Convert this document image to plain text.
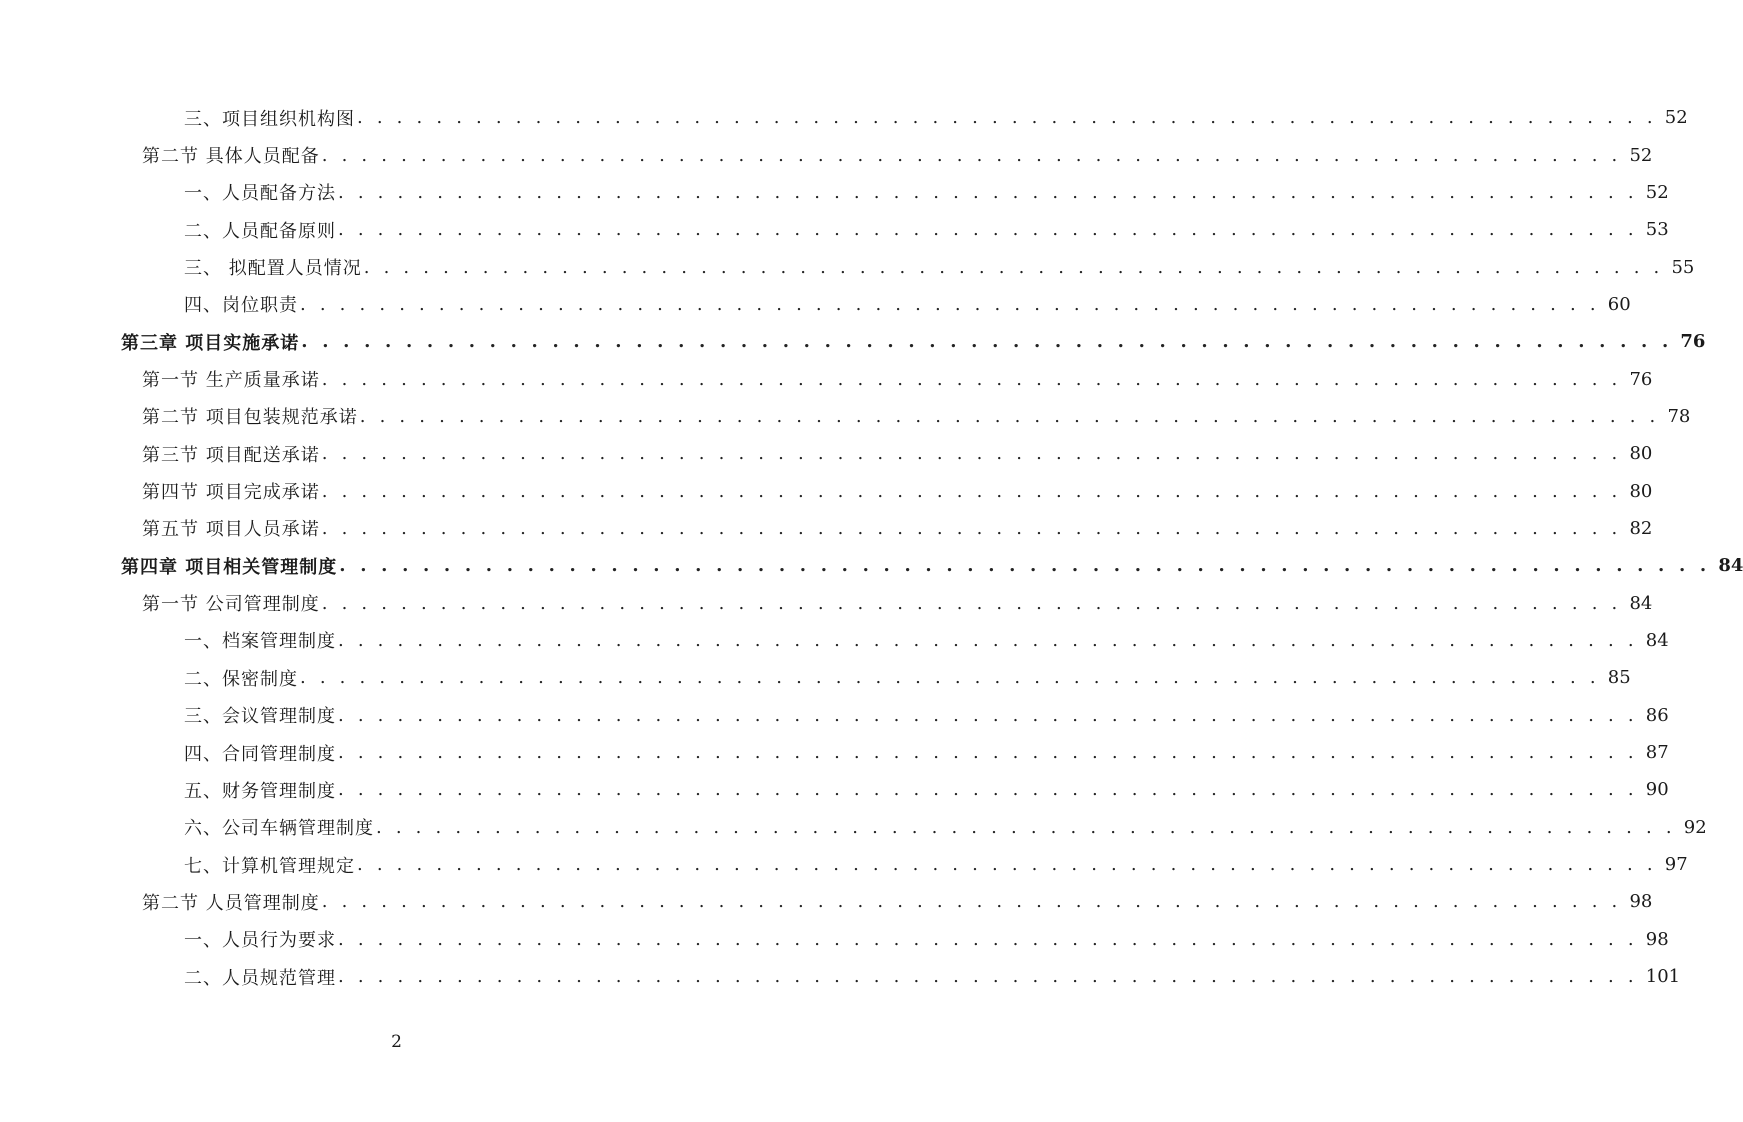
三、项目组织机构图 . . . . . . . . . . . . . . . . . . . . . . . . . . . . . . . . . . . . . . . . . . . . . . . . . . . . . . . . . . . . . . . . . . 52
第二节 具体人员配备 . . . . . . . . . . . . . . . . . . . . . . . . . . . . . . . . . . . . . . . . . . . . . . . . . . . . . . . . . . . . . . . . . . 52
一、人员配备方法 . . . . . . . . . . . . . . . . . . . . . . . . . . . . . . . . . . . . . . . . . . . . . . . . . . . . . . . . . . . . . . . . . . 52
二、人员配备原则 . . . . . . . . . . . . . . . . . . . . . . . . . . . . . . . . . . . . . . . . . . . . . . . . . . . . . . . . . . . . . . . . . . 53
三、 拟配置人员情况 . . . . . . . . . . . . . . . . . . . . . . . . . . . . . . . . . . . . . . . . . . . . . . . . . . . . . . . . . . . . . . . . . . 55
四、岗位职责 . . . . . . . . . . . . . . . . . . . . . . . . . . . . . . . . . . . . . . . . . . . . . . . . . . . . . . . . . . . . . . . . . . 60
第三章 项目实施承诺 . . . . . . . . . . . . . . . . . . . . . . . . . . . . . . . . . . . . . . . . . . . . . . . . . . . . . . . . . . . . . . . . . . 76
第一节 生产质量承诺 . . . . . . . . . . . . . . . . . . . . . . . . . . . . . . . . . . . . . . . . . . . . . . . . . . . . . . . . . . . . . . . . . . 76
第二节 项目包装规范承诺 . . . . . . . . . . . . . . . . . . . . . . . . . . . . . . . . . . . . . . . . . . . . . . . . . . . . . . . . . . . . . . . . . . 78
第三节 项目配送承诺 . . . . . . . . . . . . . . . . . . . . . . . . . . . . . . . . . . . . . . . . . . . . . . . . . . . . . . . . . . . . . . . . . . 80
第四节 项目完成承诺 . . . . . . . . . . . . . . . . . . . . . . . . . . . . . . . . . . . . . . . . . . . . . . . . . . . . . . . . . . . . . . . . . . 80
第五节 项目人员承诺 . . . . . . . . . . . . . . . . . . . . . . . . . . . . . . . . . . . . . . . . . . . . . . . . . . . . . . . . . . . . . . . . . . 82
第四章 项目相关管理制度 . . . . . . . . . . . . . . . . . . . . . . . . . . . . . . . . . . . . . . . . . . . . . . . . . . . . . . . . . . . . . . . . . . 84
第一节 公司管理制度 . . . . . . . . . . . . . . . . . . . . . . . . . . . . . . . . . . . . . . . . . . . . . . . . . . . . . . . . . . . . . . . . . . 84
一、档案管理制度 . . . . . . . . . . . . . . . . . . . . . . . . . . . . . . . . . . . . . . . . . . . . . . . . . . . . . . . . . . . . . . . . . . 84
二、保密制度 . . . . . . . . . . . . . . . . . . . . . . . . . . . . . . . . . . . . . . . . . . . . . . . . . . . . . . . . . . . . . . . . . . 85
三、会议管理制度 . . . . . . . . . . . . . . . . . . . . . . . . . . . . . . . . . . . . . . . . . . . . . . . . . . . . . . . . . . . . . . . . . . 86
四、合同管理制度 . . . . . . . . . . . . . . . . . . . . . . . . . . . . . . . . . . . . . . . . . . . . . . . . . . . . . . . . . . . . . . . . . . 87
五、财务管理制度 . . . . . . . . . . . . . . . . . . . . . . . . . . . . . . . . . . . . . . . . . . . . . . . . . . . . . . . . . . . . . . . . . . 90
六、公司车辆管理制度 . . . . . . . . . . . . . . . . . . . . . . . . . . . . . . . . . . . . . . . . . . . . . . . . . . . . . . . . . . . . . . . . . . 92
七、计算机管理规定 . . . . . . . . . . . . . . . . . . . . . . . . . . . . . . . . . . . . . . . . . . . . . . . . . . . . . . . . . . . . . . . . . . 97
第二节 人员管理制度 . . . . . . . . . . . . . . . . . . . . . . . . . . . . . . . . . . . . . . . . . . . . . . . . . . . . . . . . . . . . . . . . . . 98
一、人员行为要求 . . . . . . . . . . . . . . . . . . . . . . . . . . . . . . . . . . . . . . . . . . . . . . . . . . . . . . . . . . . . . . . . . . 98
二、人员规范管理 . . . . . . . . . . . . . . . . . . . . . . . . . . . . . . . . . . . . . . . . . . . . . . . . . . . . . . . . . . . . . . . . . . 101
2
